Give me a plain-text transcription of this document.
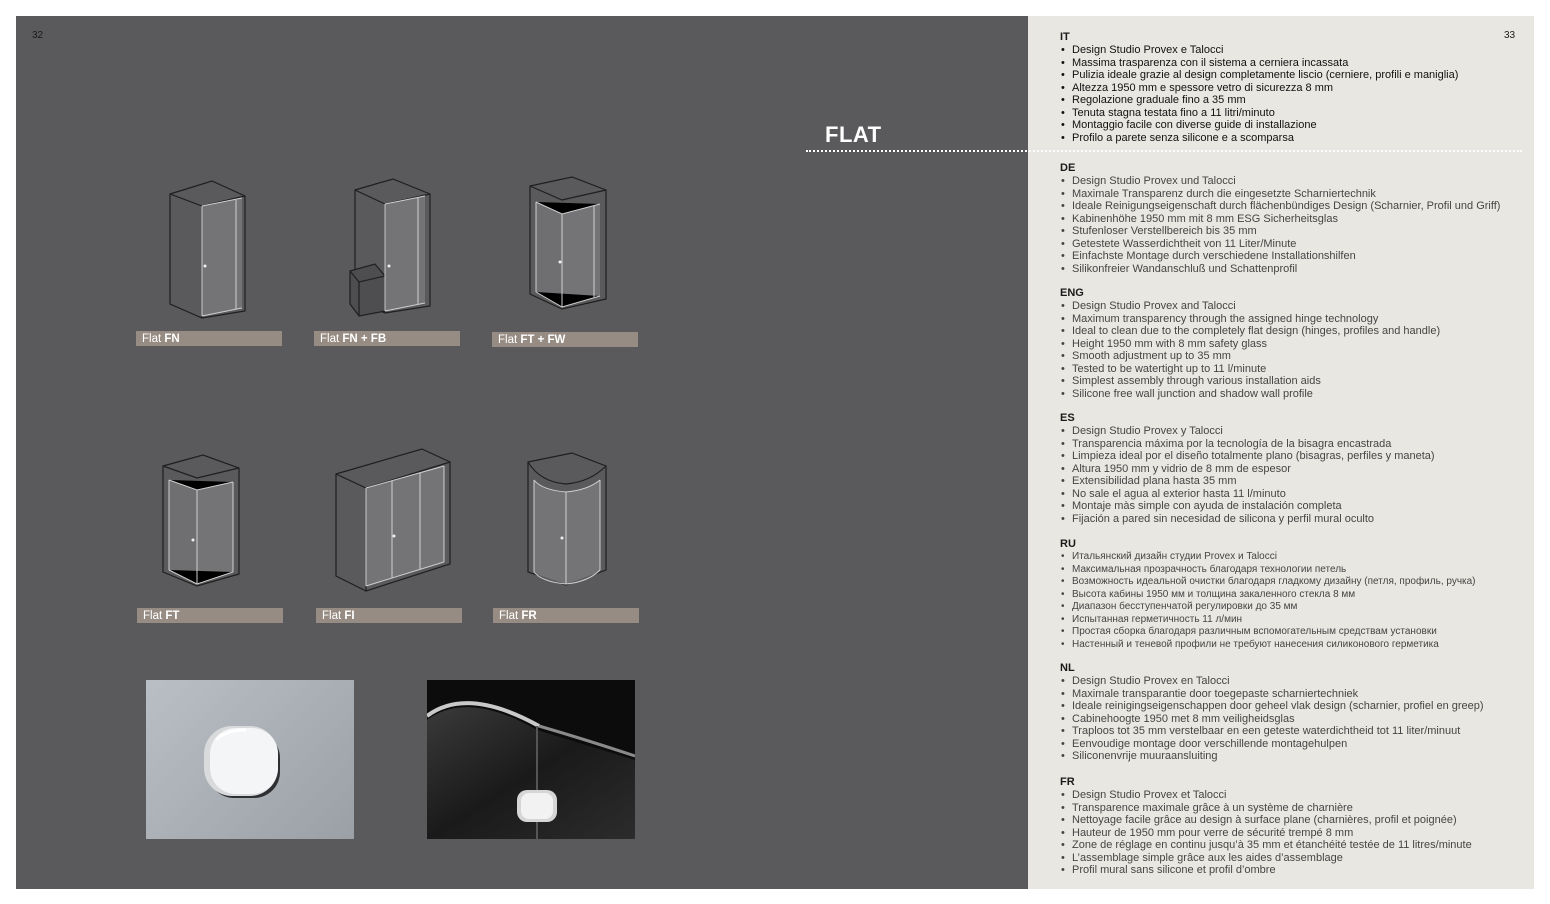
32	33
FLAT
Flat FN	Flat FN + FB	Flat FT + FW
Flat FT	Flat FI	Flat FR
IT
• Design Studio Provex e Talocci
• Massima trasparenza con il sistema a cerniera incassata
• Pulizia ideale grazie al design completamente liscio (cerniere, profili e maniglia)
• Altezza 1950 mm e spessore vetro di sicurezza 8 mm
• Regolazione graduale fino a 35 mm
• Tenuta stagna testata fino a 11 litri/minuto
• Montaggio facile con diverse guide di installazione
• Profilo a parete senza silicone e a scomparsa
DE
• Design Studio Provex und Talocci
• Maximale Transparenz durch die eingesetzte Scharniertechnik
• Ideale Reinigungseigenschaft durch flächenbündiges Design (Scharnier, Profil und Griff)
• Kabinenhöhe 1950 mm mit 8 mm ESG Sicherheitsglas
• Stufenloser Verstellbereich bis 35 mm
• Getestete Wasserdichtheit von 11 Liter/Minute
• Einfachste Montage durch verschiedene Installationshilfen
• Silikonfreier Wandanschluß und Schattenprofil
ENG
• Design Studio Provex and Talocci
• Maximum transparency through the assigned hinge technology
• Ideal to clean due to the completely flat design (hinges, profiles and handle)
• Height 1950 mm with 8 mm safety glass
• Smooth adjustment up to 35 mm
• Tested to be watertight up to 11 l/minute
• Simplest assembly through various installation aids
• Silicone free wall junction and shadow wall profile
ES
• Design Studio Provex y Talocci
• Transparencia máxima por la tecnología de la bisagra encastrada
• Limpieza ideal por el diseño totalmente plano (bisagras, perfiles y maneta)
• Altura 1950 mm y vidrio de 8 mm de espesor
• Extensibilidad plana hasta 35 mm
• No sale el agua al exterior hasta 11 l/minuto
• Montaje màs simple con ayuda de instalación completa
• Fijación a pared sin necesidad de silicona y perfil mural oculto
RU
• Итальянский дизайн студии Provex и Talocci
• Максимальная прозрачность благодаря технологии петель
• Возможность идеальной очистки благодаря гладкому дизайну (петля, профиль, ручка)
• Высота кабины 1950 мм и толщина закаленного стекла 8 мм
• Диапазон бесступенчатой регулировки до 35 мм
• Испытанная герметичность 11 л/мин
• Простая сборка благодаря различным вспомогательным средствам установки
• Настенный и теневой профили не требуют нанесения силиконового герметика
NL
• Design Studio Provex en Talocci
• Maximale transparantie door toegepaste scharniertechniek
• Ideale reinigingseigenschappen door geheel vlak design (scharnier, profiel en greep)
• Cabinehoogte 1950 met 8 mm veiligheidsglas
• Traploos tot 35 mm verstelbaar en een geteste waterdichtheid tot 11 liter/minuut
• Eenvoudige montage door verschillende montagehulpen
• Siliconenvrije muuraansluiting
FR
• Design Studio Provex et Talocci
• Transparence maximale grâce à un système de charnière
• Nettoyage facile grâce au design à surface plane (charnières, profil et poignée)
• Hauteur de 1950 mm pour verre de sécurité trempé 8 mm
• Zone de réglage en continu jusqu’à 35 mm et étanchéité testée de 11 litres/minute
• L’assemblage simple grâce aux les aides d’assemblage
• Profil mural sans silicone et profil d’ombre
